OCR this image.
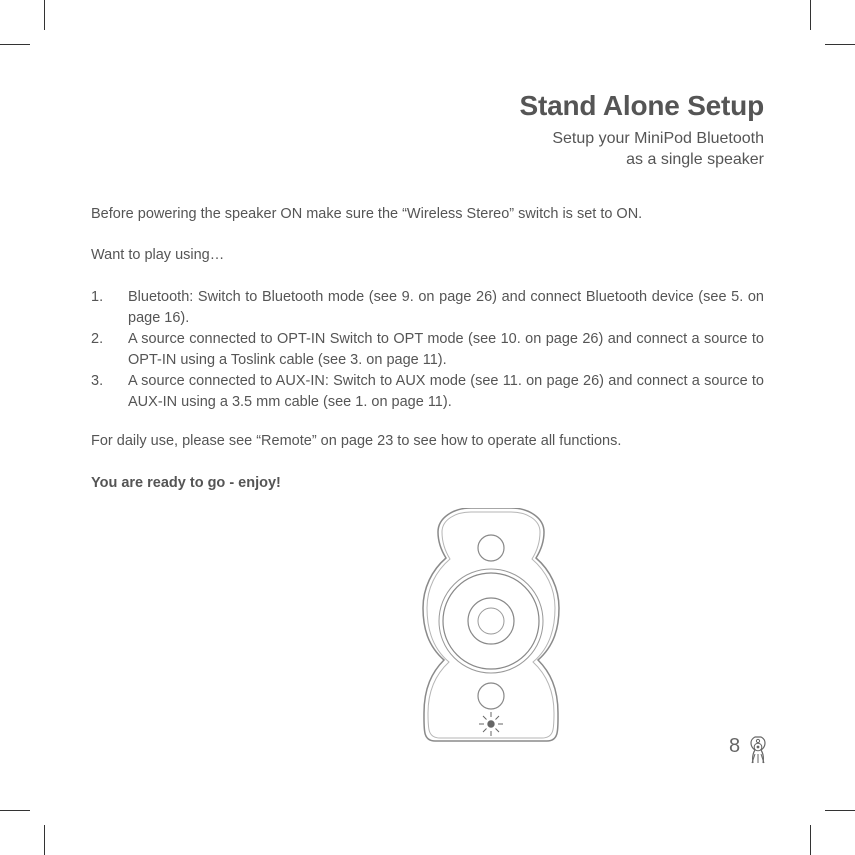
Stand Alone Setup
Setup your MiniPod Bluetooth
as a single speaker
Before powering the speaker ON make sure the “Wireless Stereo” switch is set to ON.
Want to play using…
1. Bluetooth: Switch to Bluetooth mode (see 9. on page 26) and connect Bluetooth device (see 5. on page 16).
2. A source connected to OPT-IN Switch to OPT mode (see 10. on page 26) and connect a source to OPT-IN using a Toslink cable (see 3. on page 11).
3. A source connected to AUX-IN: Switch to AUX mode (see 11. on page 26) and connect a source to AUX-IN using a 3.5 mm cable (see 1. on page 11).
For daily use, please see “Remote” on page 23 to see how to operate all functions.
You are ready to go - enjoy!
8
